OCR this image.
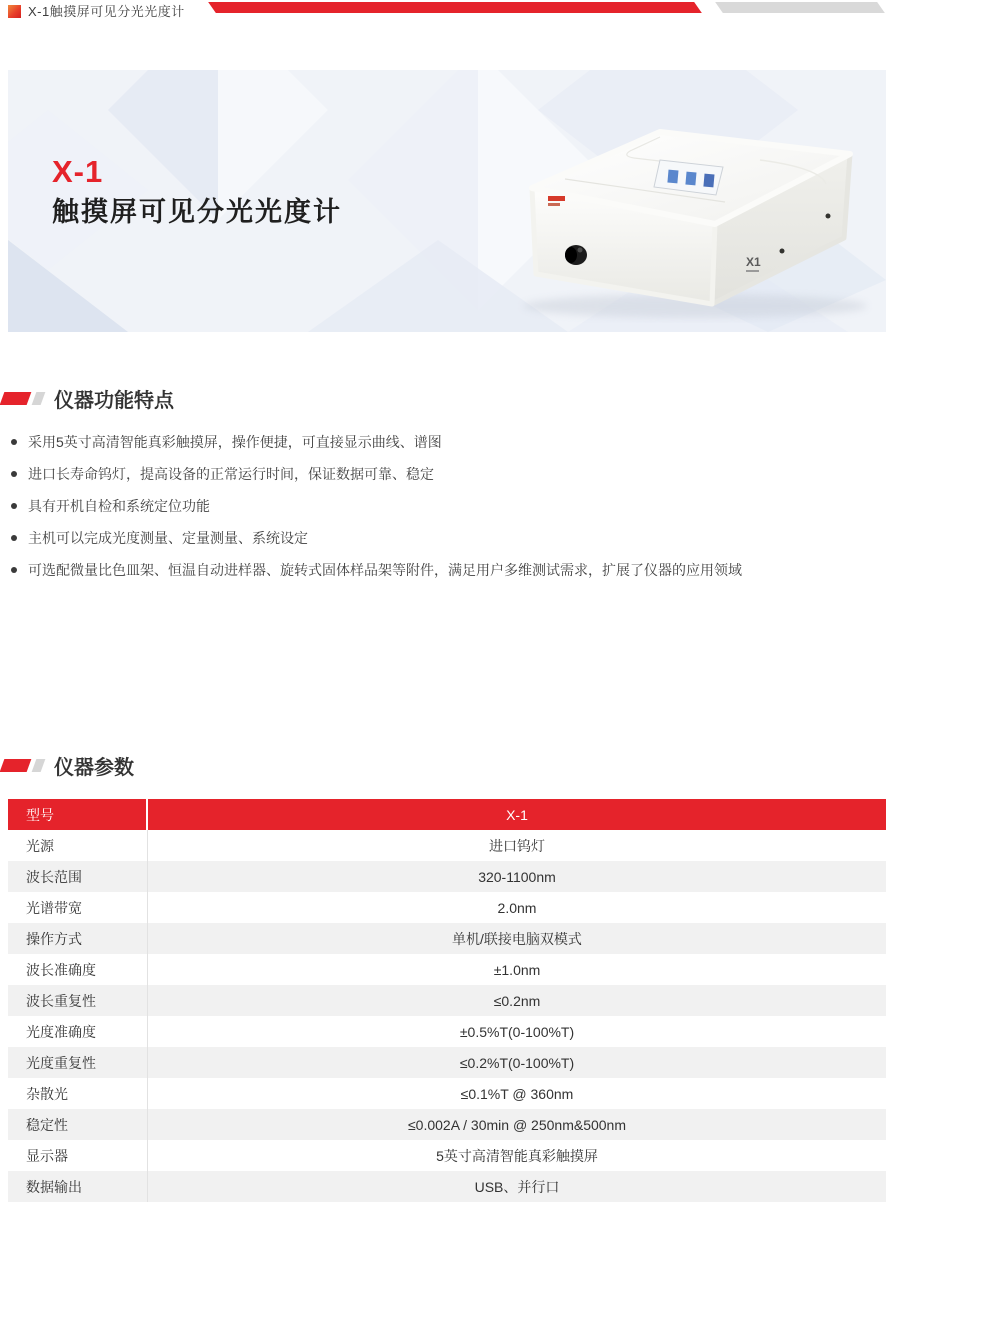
X-1触摸屏可见分光光度计
X-1
触摸屏可见分光光度计
X1
仪器功能特点
采用5英寸高清智能真彩触摸屏，操作便捷，可直接显示曲线、谱图
进口长寿命钨灯，提高设备的正常运行时间，保证数据可靠、稳定
具有开机自检和系统定位功能
主机可以完成光度测量、定量测量、系统设定
可选配微量比色皿架、恒温自动进样器、旋转式固体样品架等附件，满足用户多维测试需求，扩展了仪器的应用领域
仪器参数
型号	X-1
光源	进口钨灯
波长范围	320-1100nm
光谱带宽	2.0nm
操作方式	单机/联接电脑双模式
波长准确度	±1.0nm
波长重复性	≤0.2nm
光度准确度	±0.5%T(0-100%T)
光度重复性	≤0.2%T(0-100%T)
杂散光	≤0.1%T @ 360nm
稳定性	≤0.002A / 30min @ 250nm&500nm
显示器	5英寸高清智能真彩触摸屏
数据输出	USB、并行口
